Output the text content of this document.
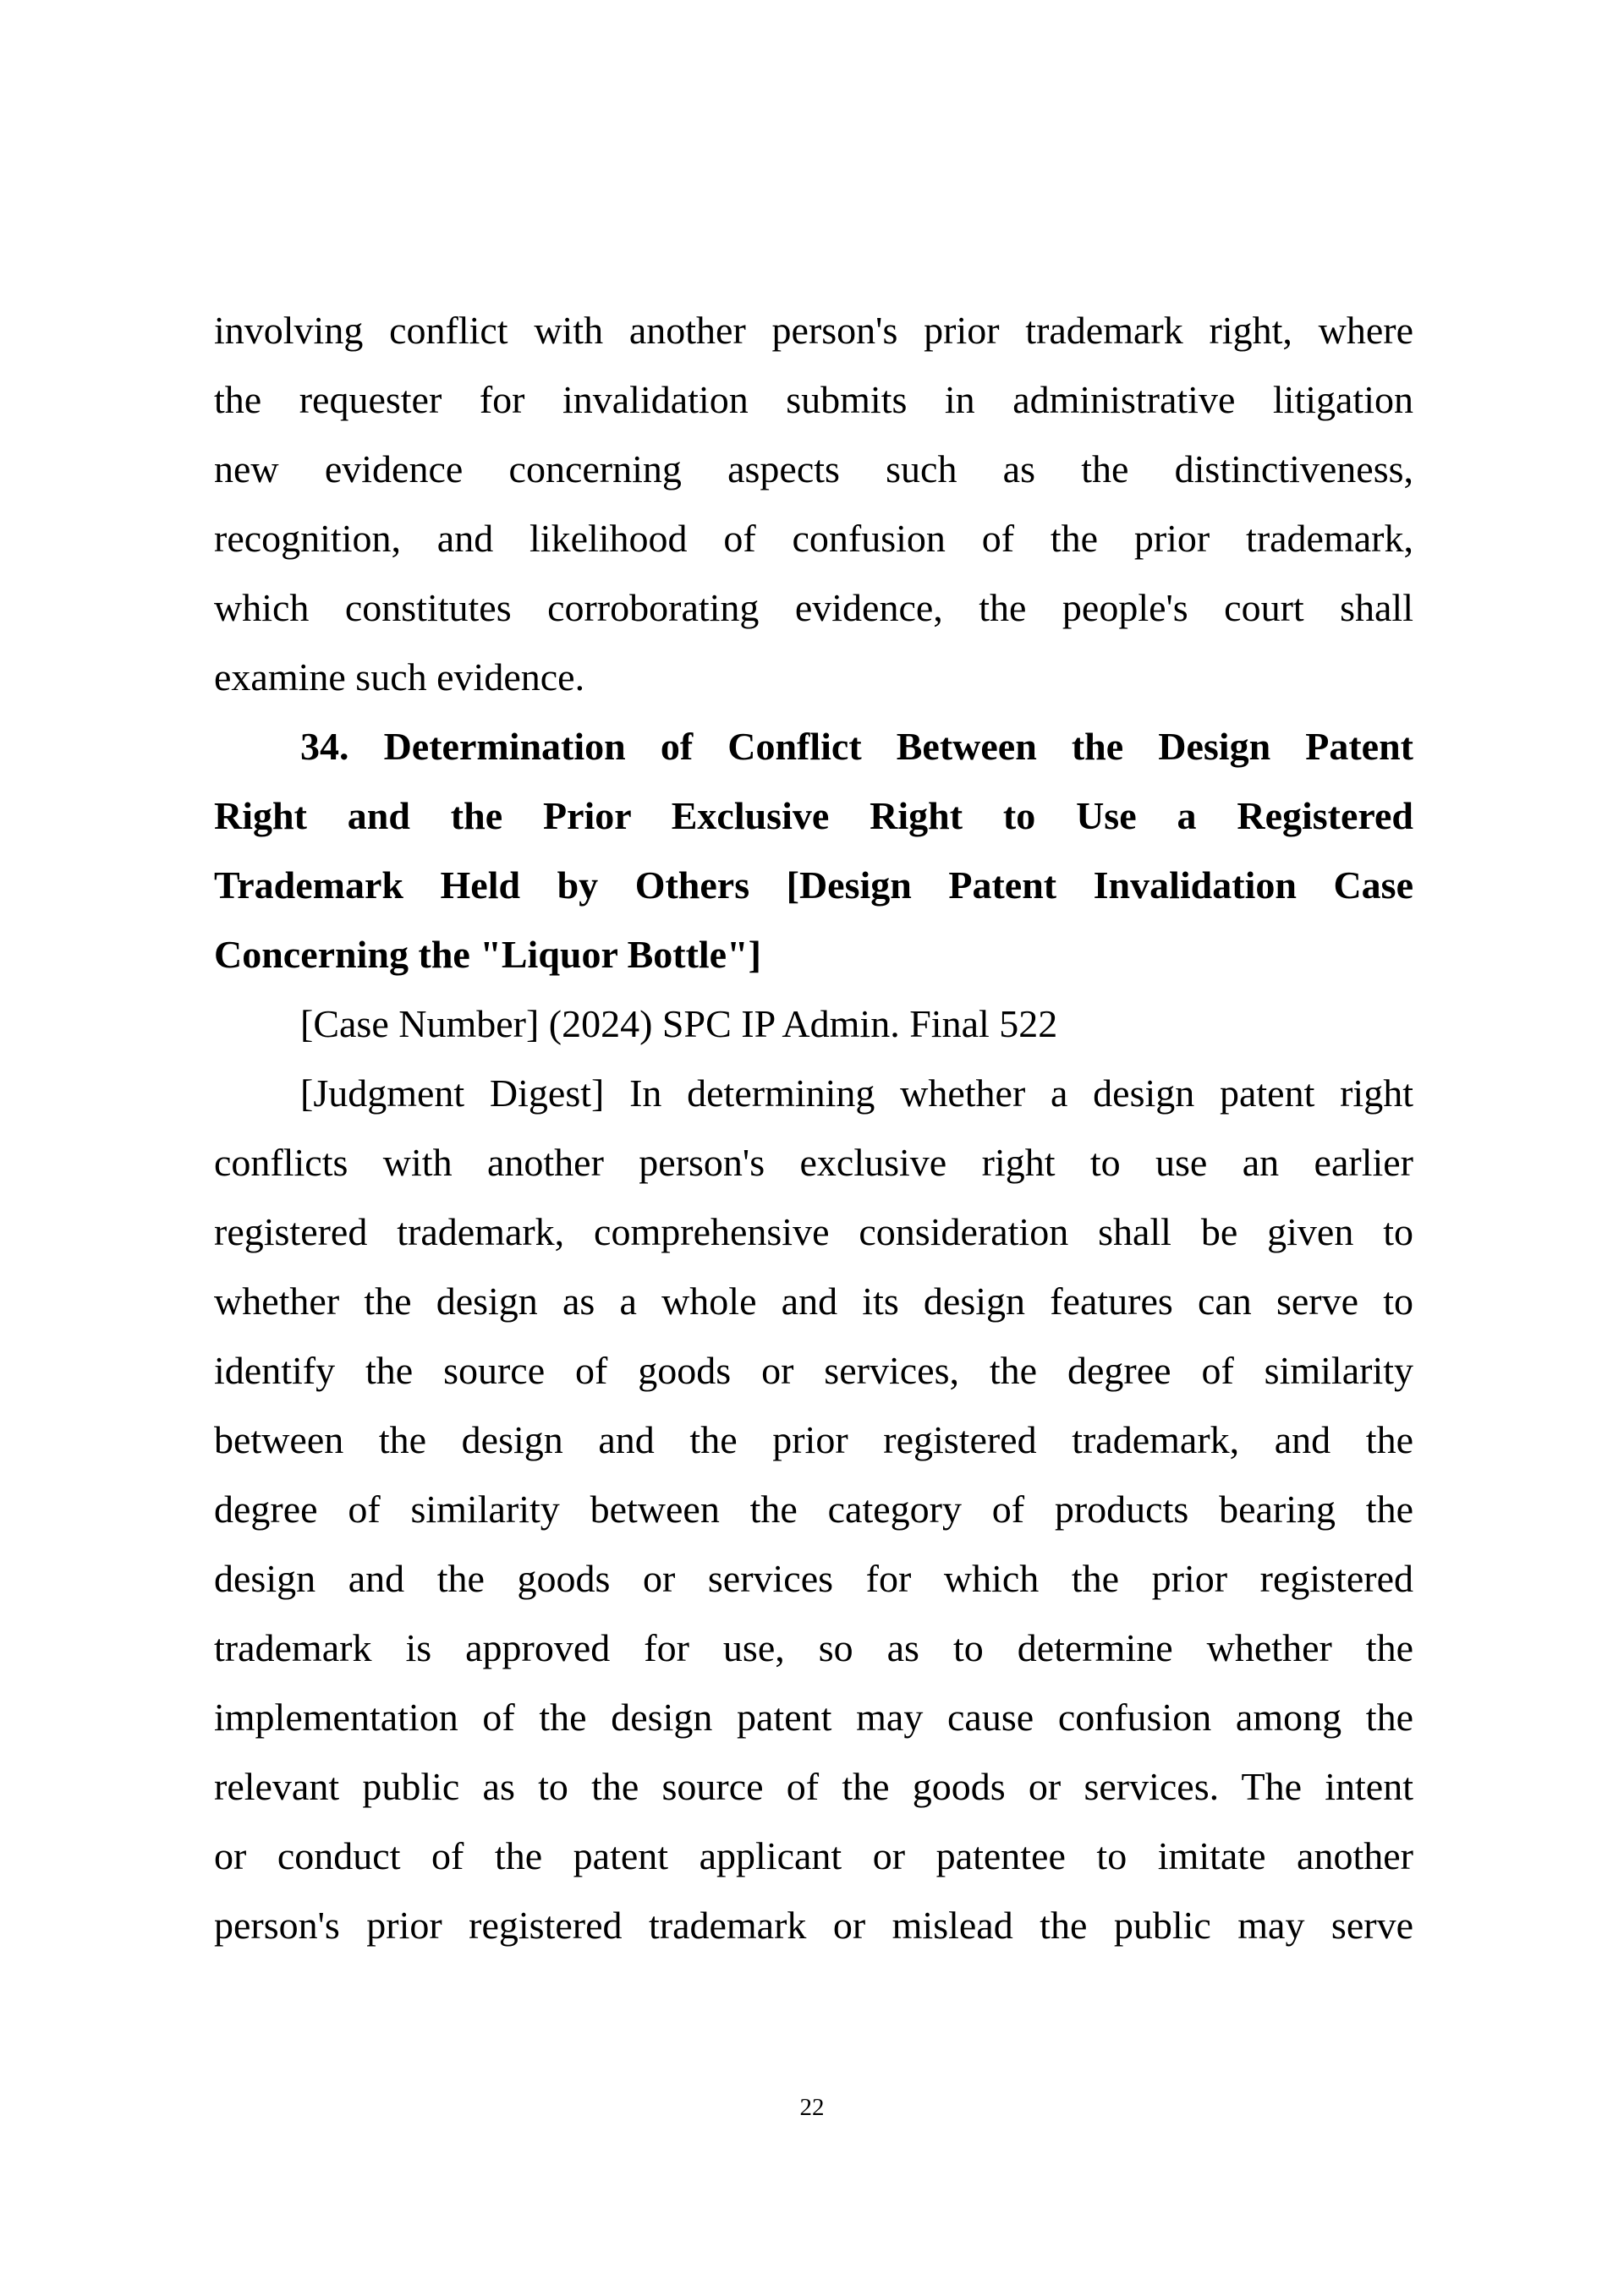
involving conflict with another person's prior trademark right, where
the requester for invalidation submits in administrative litigation
new evidence concerning aspects such as the distinctiveness,
recognition, and likelihood of confusion of the prior trademark,
which constitutes corroborating evidence, the people's court shall
examine such evidence.
34. Determination of Conflict Between the Design Patent
Right and the Prior Exclusive Right to Use a Registered
Trademark Held by Others [Design Patent Invalidation Case
Concerning the "Liquor Bottle"]
[Case Number] (2024) SPC IP Admin. Final 522
[Judgment Digest] In determining whether a design patent right
conflicts with another person's exclusive right to use an earlier
registered trademark, comprehensive consideration shall be given to
whether the design as a whole and its design features can serve to
identify the source of goods or services, the degree of similarity
between the design and the prior registered trademark, and the
degree of similarity between the category of products bearing the
design and the goods or services for which the prior registered
trademark is approved for use, so as to determine whether the
implementation of the design patent may cause confusion among the
relevant public as to the source of the goods or services. The intent
or conduct of the patent applicant or patentee to imitate another
person's prior registered trademark or mislead the public may serve
22
